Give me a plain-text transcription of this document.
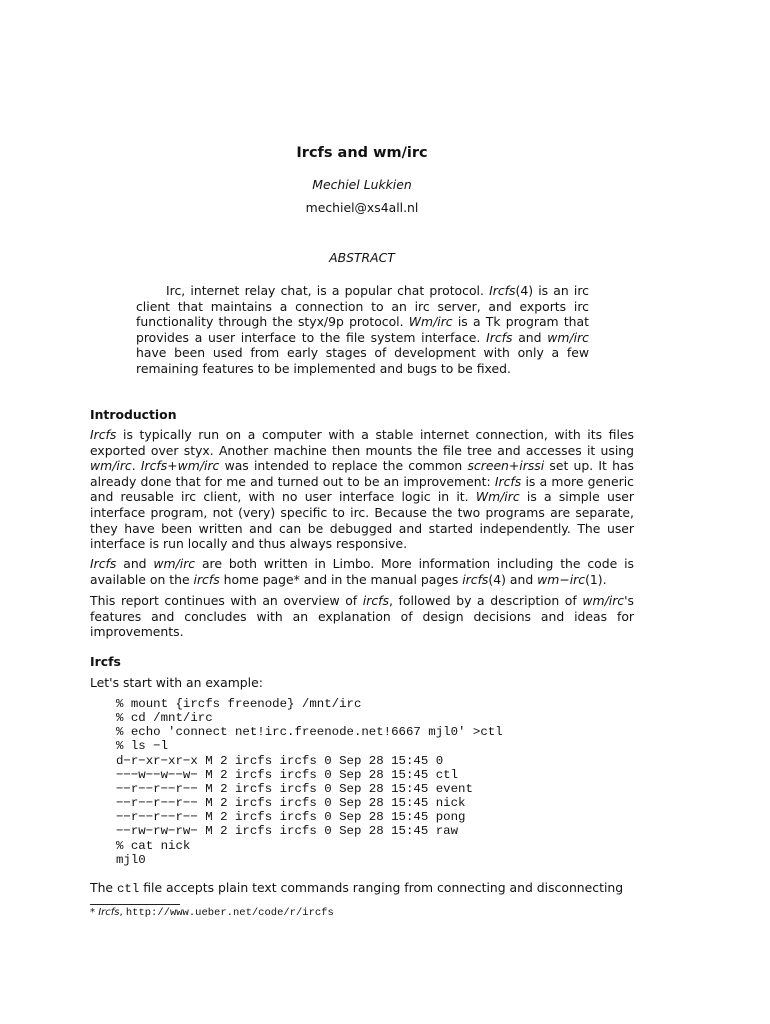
Ircfs and wm/irc
Mechiel Lukkien
mechiel@xs4all.nl
ABSTRACT
Irc, internet relay chat, is a popular chat protocol. Ircfs(4) is an irc client that maintains a connection to an irc server, and exports irc functionality through the styx/9p protocol. Wm/irc is a Tk program that provides a user interface to the file system interface. Ircfs and wm/irc have been used from early stages of development with only a few remaining features to be implemented and bugs to be fixed.
Introduction
Ircfs is typically run on a computer with a stable internet connection, with its files exported over styx. Another machine then mounts the file tree and accesses it using wm/irc. Ircfs+wm/irc was intended to replace the common screen+irssi set up. It has already done that for me and turned out to be an improvement: Ircfs is a more generic and reusable irc client, with no user interface logic in it. Wm/irc is a simple user interface program, not (very) specific to irc. Because the two programs are separate, they have been written and can be debugged and started independently. The user interface is run locally and thus always responsive.
Ircfs and wm/irc are both written in Limbo. More information including the code is available on the ircfs home page* and in the manual pages ircfs(4) and wm−irc(1).
This report continues with an overview of ircfs, followed by a description of wm/irc's features and concludes with an explanation of design decisions and ideas for improvements.
Ircfs
Let's start with an example:
% mount {ircfs freenode} /mnt/irc
% cd /mnt/irc
% echo 'connect net!irc.freenode.net!6667 mjl0' >ctl
% ls −l
d−r−xr−xr−x M 2 ircfs ircfs 0 Sep 28 15:45 0
−−−w−−w−−w− M 2 ircfs ircfs 0 Sep 28 15:45 ctl
−−r−−r−−r−− M 2 ircfs ircfs 0 Sep 28 15:45 event
−−r−−r−−r−− M 2 ircfs ircfs 0 Sep 28 15:45 nick
−−r−−r−−r−− M 2 ircfs ircfs 0 Sep 28 15:45 pong
−−rw−rw−rw− M 2 ircfs ircfs 0 Sep 28 15:45 raw
% cat nick
mjl0
The ctl file accepts plain text commands ranging from connecting and disconnecting
* Ircfs, http://www.ueber.net/code/r/ircfs
